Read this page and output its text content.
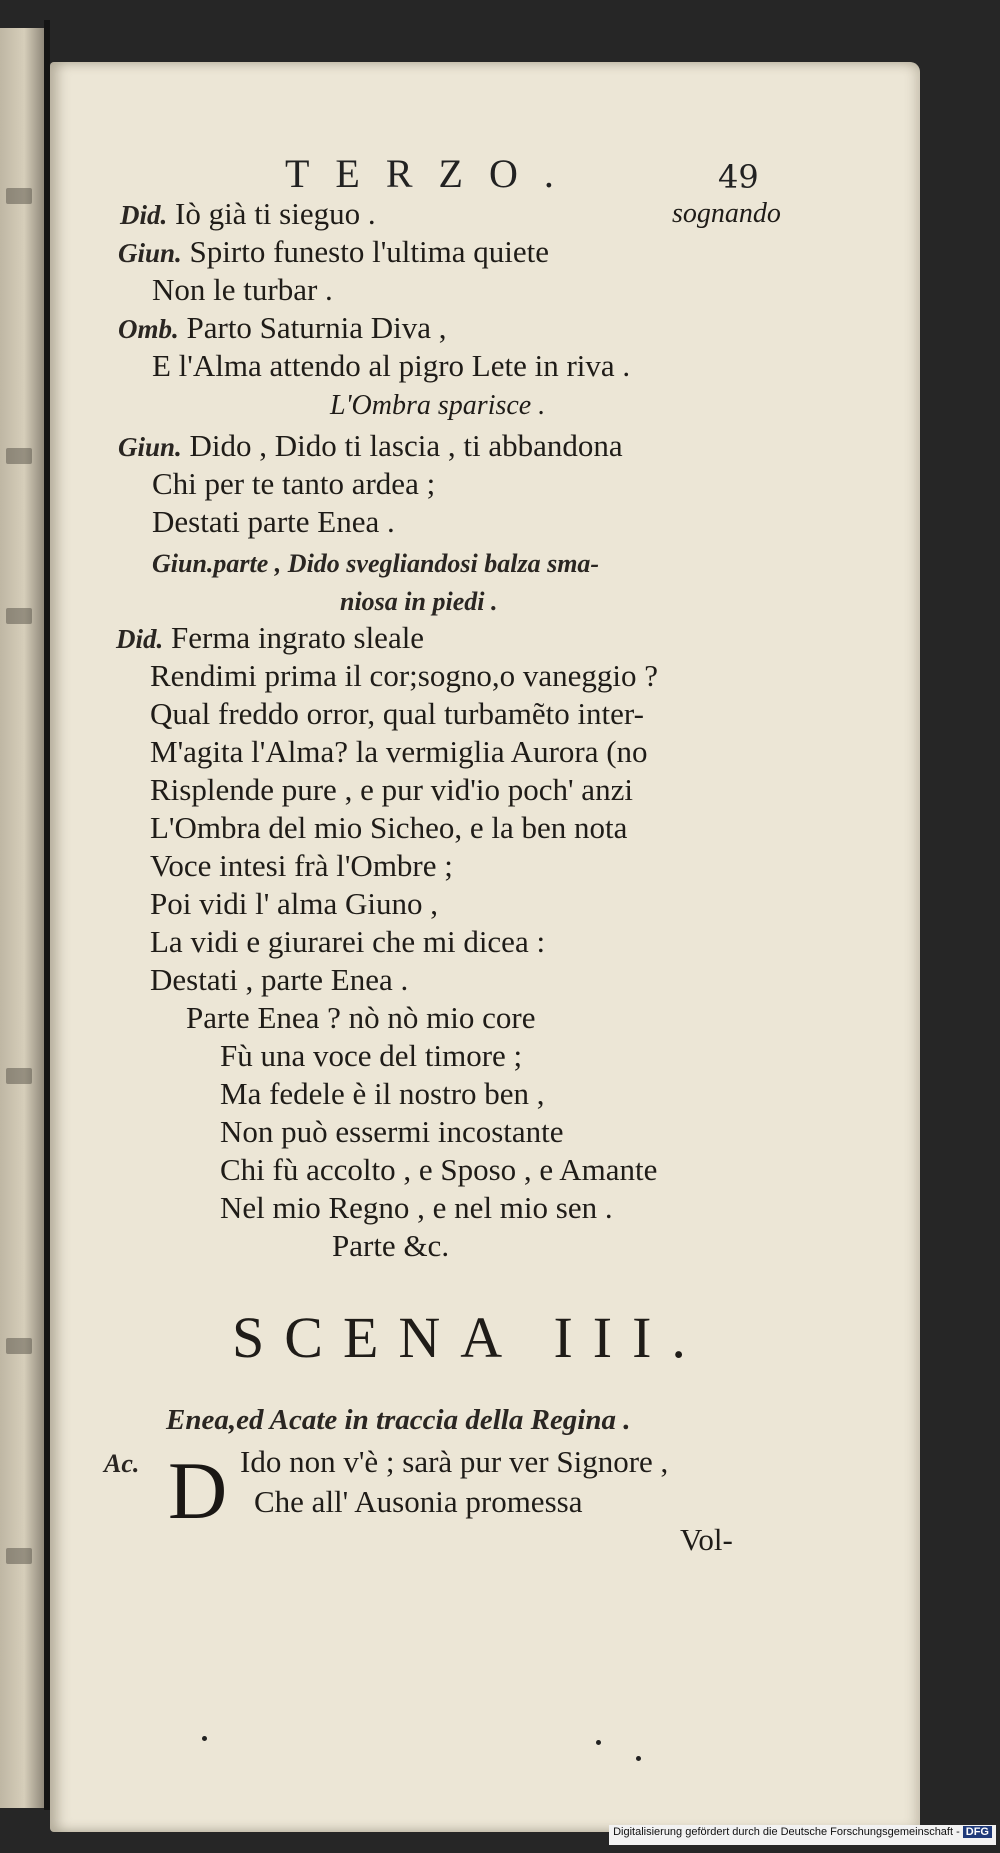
TERZO.	49
Did. Iò già ti sieguo .	sognando
Giun. Spirto funesto l'ultima quiete
Non le turbar .
Omb. Parto Saturnia Diva ,
E l'Alma attendo al pigro Lete in riva .
L'Ombra sparisce .
Giun. Dido , Dido ti lascia , ti abbandona
Chi per te tanto ardea ;
Destati parte Enea .
Giun.parte , Dido svegliandosi balza sma-
niosa in piedi .
Did. Ferma ingrato sleale
Rendimi prima il cor;sogno,o vaneggio ?
Qual freddo orror, qual turbamẽto inter-
M'agita l'Alma? la vermiglia Aurora (no
Risplende pure , e pur vid'io poch' anzi
L'Ombra del mio Sicheo, e la ben nota
Voce intesi frà l'Ombre ;
Poi vidi l' alma Giuno ,
La vidi e giurarei che mi dicea :
Destati , parte Enea .
Parte Enea ? nò nò mio core
Fù una voce del timore ;
Ma fedele è il nostro ben ,
Non può essermi incostante
Chi fù accolto , e Sposo , e Amante
Nel mio Regno , e nel mio sen .
Parte &c.
SCENA III.
Enea,ed Acate in traccia della Regina .
Ac. D Ido non v'è ; sarà pur ver Signore ,
Che all' Ausonia promessa
Vol-
Digitalisierung gefördert durch die Deutsche Forschungsgemeinschaft - DFG
